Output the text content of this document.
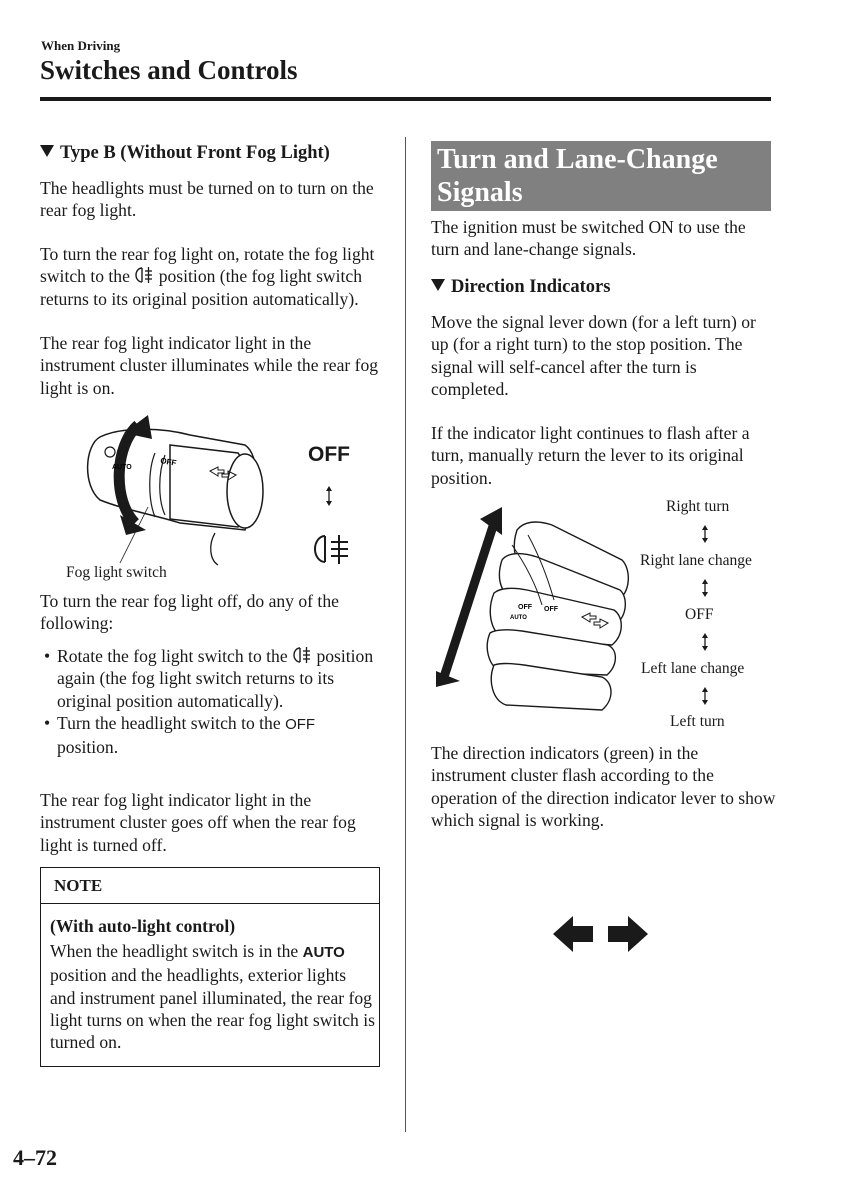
When Driving
Switches and Controls
Type B (Without Front Fog Light)

The headlights must be turned on to turn on the rear fog light.

To turn the rear fog light on, rotate the fog light switch to the  position (the fog light switch returns to its original position automatically).

The rear fog light indicator light in the instrument cluster illuminates while the rear fog light is on.

OFF
AUTO
OFF
Fog light switch

To turn the rear fog light off, do any of the following:

• Rotate the fog light switch to the  position again (the fog light switch returns to its original position automatically).
• Turn the headlight switch to the OFF position.

The rear fog light indicator light in the instrument cluster goes off when the rear fog light is turned off.

NOTE
(With auto-light control)

When the headlight switch is in the AUTO position and the headlights, exterior lights and instrument panel illuminated, the rear fog light turns on when the rear fog light switch is turned on.

Turn and Lane-Change Signals

The ignition must be switched ON to use the turn and lane-change signals.

Direction Indicators

Move the signal lever down (for a left turn) or up (for a right turn) to the stop position. The signal will self-cancel after the turn is completed.

If the indicator light continues to flash after a turn, manually return the lever to its original position.

OFF OFF
AUTO
Right turn
Right lane change
OFF
Left lane change
Left turn

The direction indicators (green) in the instrument cluster flash according to the operation of the direction indicator lever to show which signal is working.

4–72
